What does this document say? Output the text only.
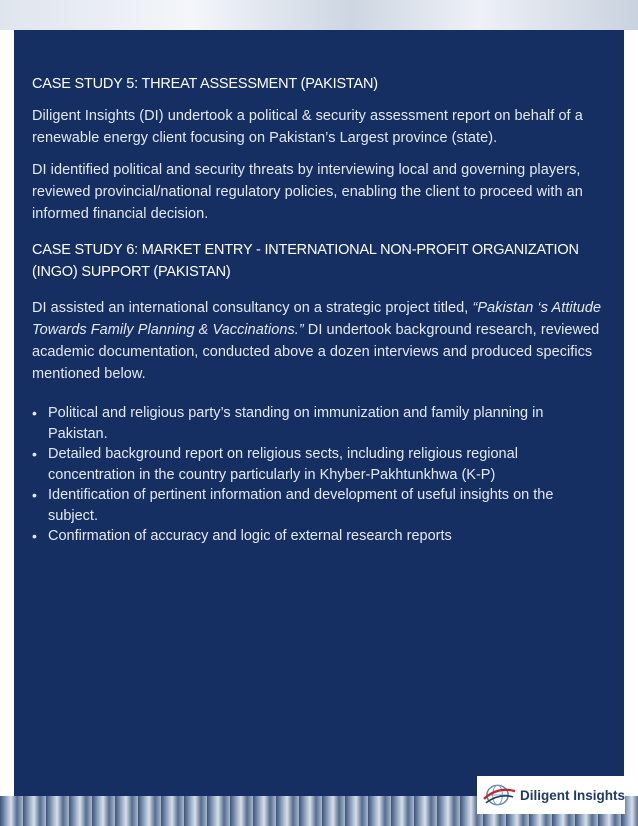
CASE STUDY 5: THREAT ASSESSMENT (PAKISTAN)

Diligent Insights (DI) undertook a political & security assessment report on behalf of a renewable energy client focusing on Pakistan’s Largest province (state).

DI identified political and security threats by interviewing local and governing players, reviewed provincial/national regulatory policies, enabling the client to proceed with an informed financial decision.

CASE STUDY 6: MARKET ENTRY - INTERNATIONAL NON-PROFIT ORGANIZATION (INGO) SUPPORT (PAKISTAN)

DI assisted an international consultancy on a strategic project titled, “Pakistan ‘s Attitude Towards Family Planning & Vaccinations.” DI undertook background research, reviewed academic documentation, conducted above a dozen interviews and produced specifics mentioned below.

• Political and religious party’s standing on immunization and family planning in Pakistan.
• Detailed background report on religious sects, including religious regional concentration in the country particularly in Khyber-Pakhtunkhwa (K-P)
• Identification of pertinent information and development of useful insights on the subject.
• Confirmation of accuracy and logic of external research reports
Diligent Insights
